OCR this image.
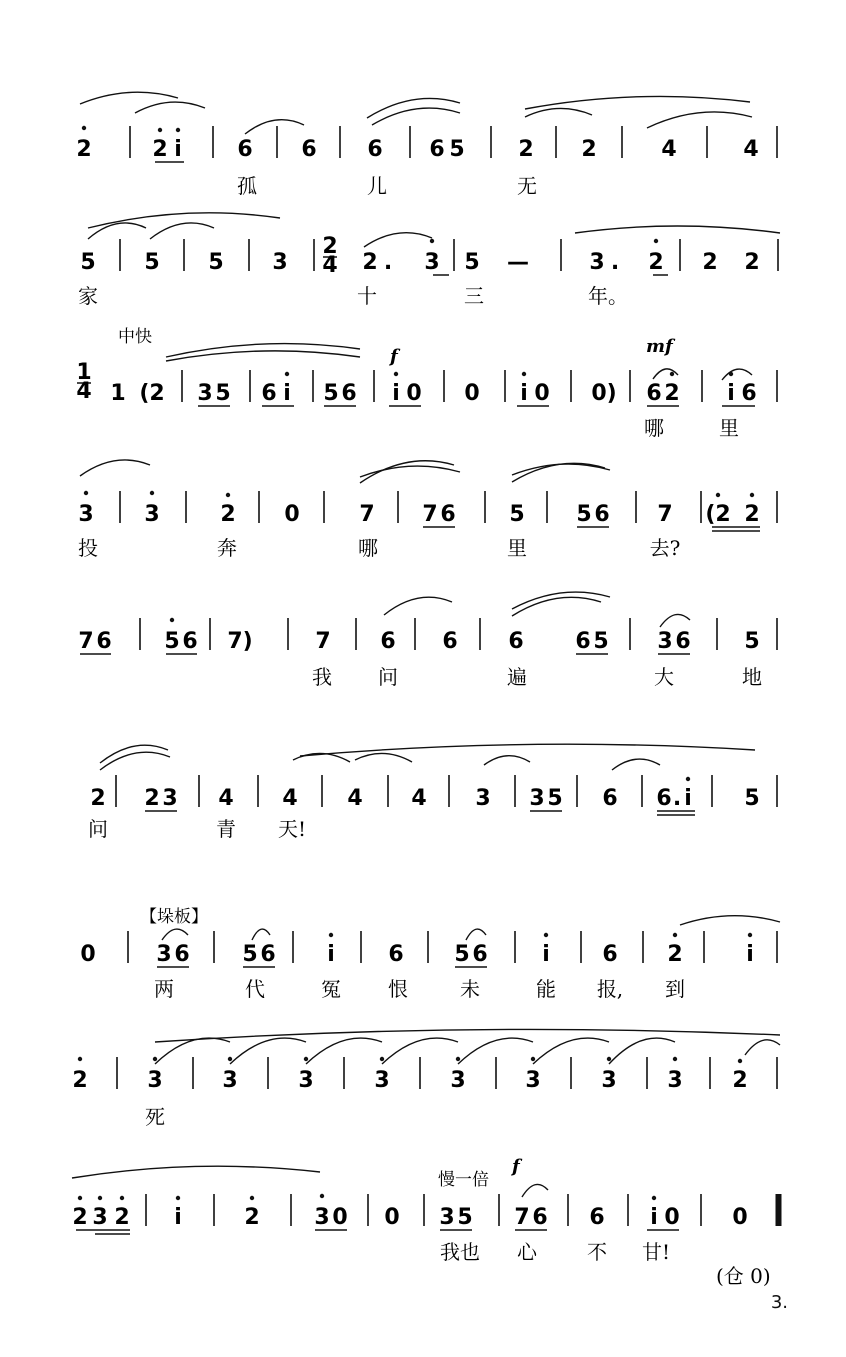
2	2 i	6 6 6 6 5 2 2	4	4
5 5 5 3	2 . 3 5 —	3 . 2 2 2
1 (2 3 5 6 i 5 6 i 0 0 i 0 0) 6 2 i 6
3 3	2 0	7 7 6 5 5 6 7 (2 2
7 6 5 6 7)	7 6 6 6 6 5 3 6 5
2 2 3 4 4 4 4 3 3 5 6 6 . i 5
0	3 6 5 6 i 6 5 6 i 6 2	i
2	3	3	3	3	3	3	3 3 2
2 3 2 i	2 3 0 0 3 5 7 6 6 i 0 0
孤	儿	无
家	十	三	年。
哪	里
投	奔	哪	里	去?
我 问	遍	大	地
问	青 天!
两	代	冤 恨	未	能 报, 到
死
我也 心	不 甘!
中快
f	mf
【垛板】
慢一倍
f
(仓 0)
2
4
1
4
3.
